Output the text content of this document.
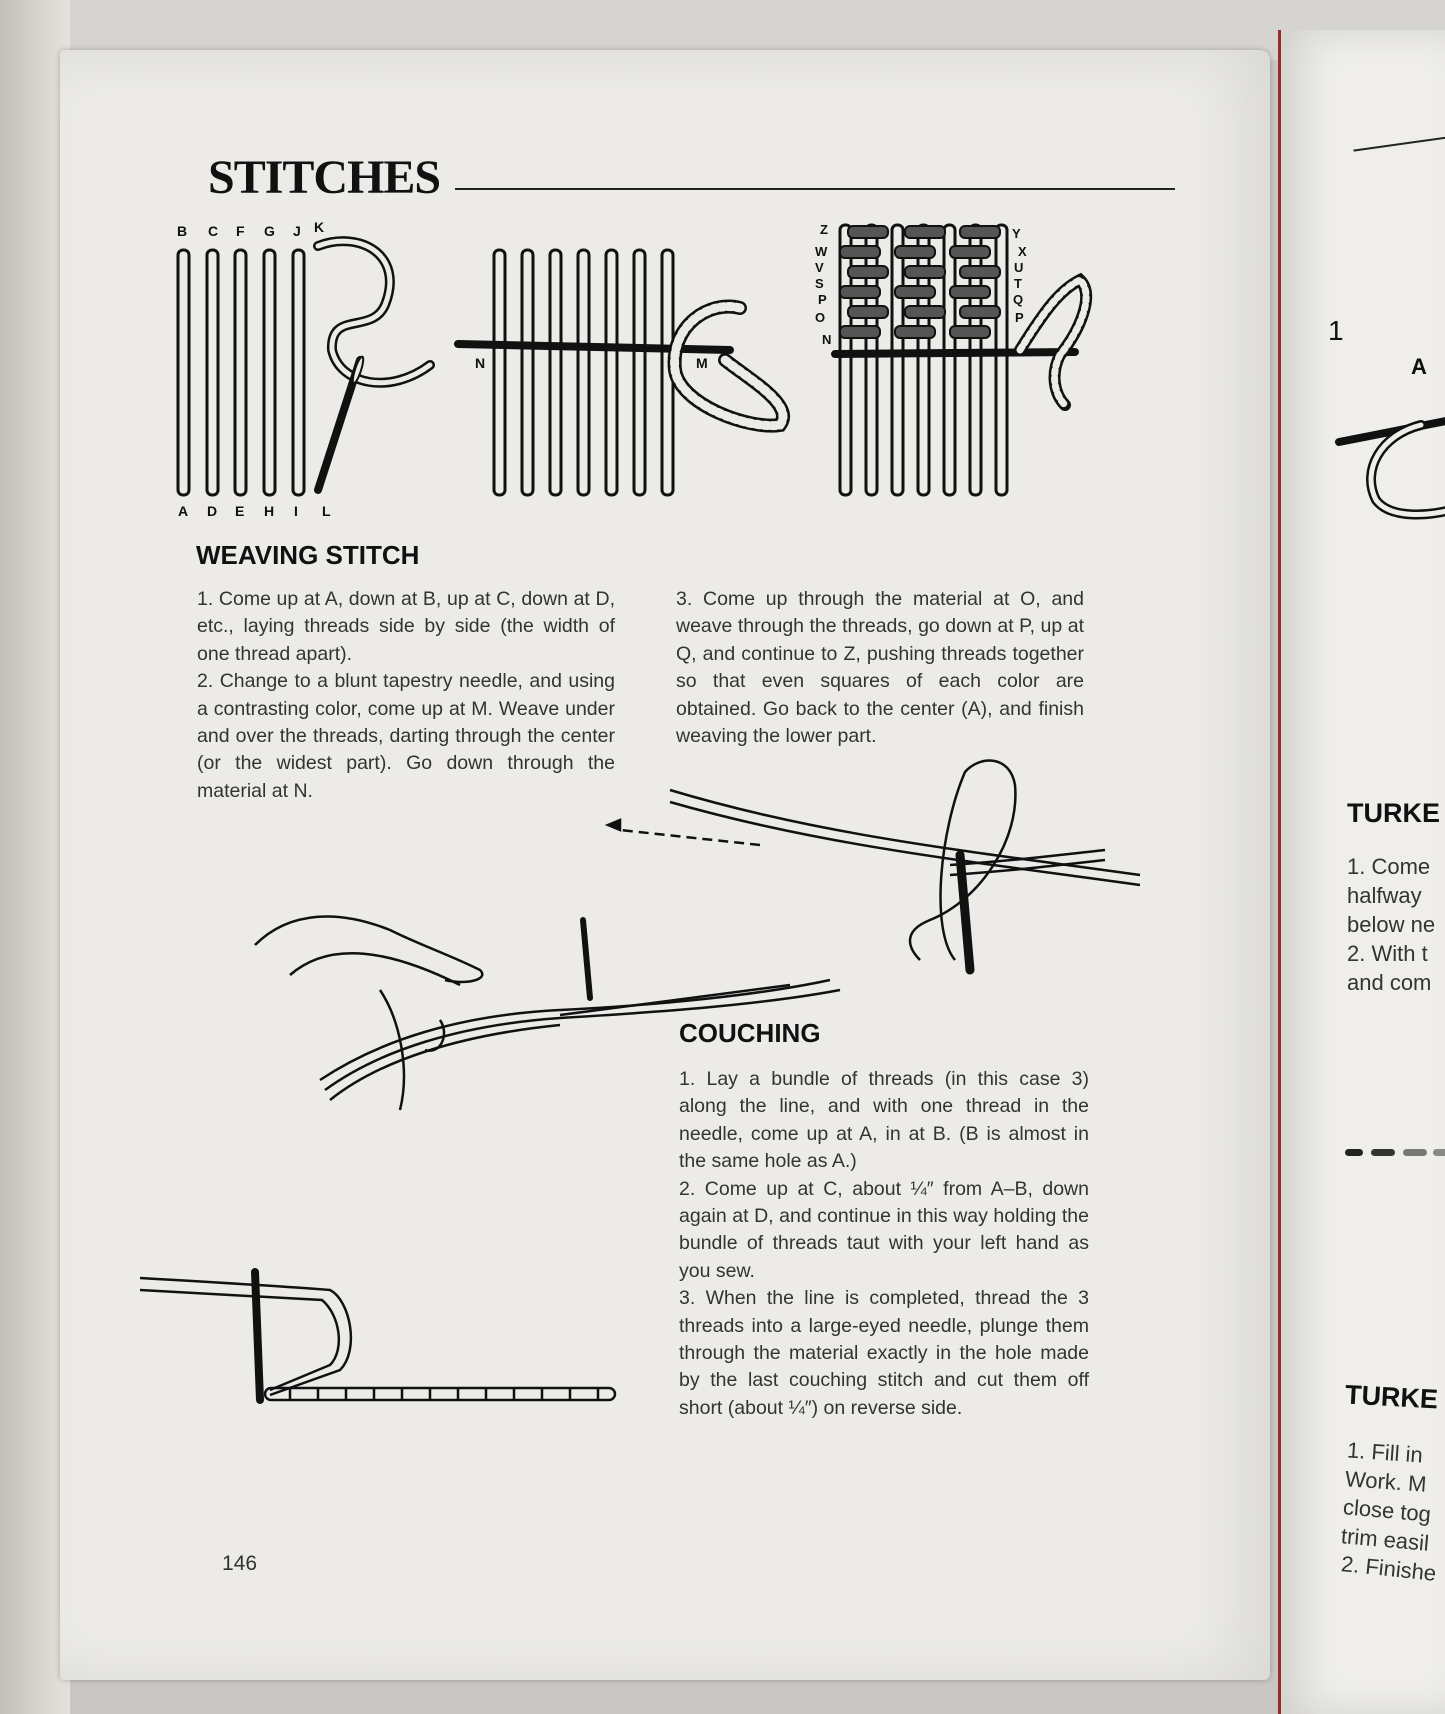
STITCHES
B C F G J K
A D E H I L
N	M
Z
W
V
S
P
O
N
Y
X
U
T
Q
P
WEAVING STITCH

1. Come up at A, down at B, up at C, down at D, etc., laying threads side by side (the width of one thread apart).

2. Change to a blunt tapestry needle, and using a contrasting color, come up at M. Weave under and over the threads, darting through the center (or the widest part). Go down through the material at N.

3. Come up through the material at O, and weave through the threads, go down at P, up at Q, and continue to Z, pushing threads together so that even squares of each color are obtained. Go back to the center (A), and finish weaving the lower part.

COUCHING

1. Lay a bundle of threads (in this case 3) along the line, and with one thread in the needle, come up at A, in at B. (B is almost in the same hole as A.)

2. Come up at C, about ¼″ from A–B, down again at D, and continue in this way holding the bundle of threads taut with your left hand as you sew.

3. When the line is completed, thread the 3 threads into a large-eyed needle, plunge them through the material exactly in the hole made by the last couching stitch and cut them off short (about ¼″) on reverse side.

146
1
A
TURKE
1. Come
halfway
below ne
2. With t
and com
TURKE
1. Fill in
Work. M
close tog
trim easil
2. Finishe
